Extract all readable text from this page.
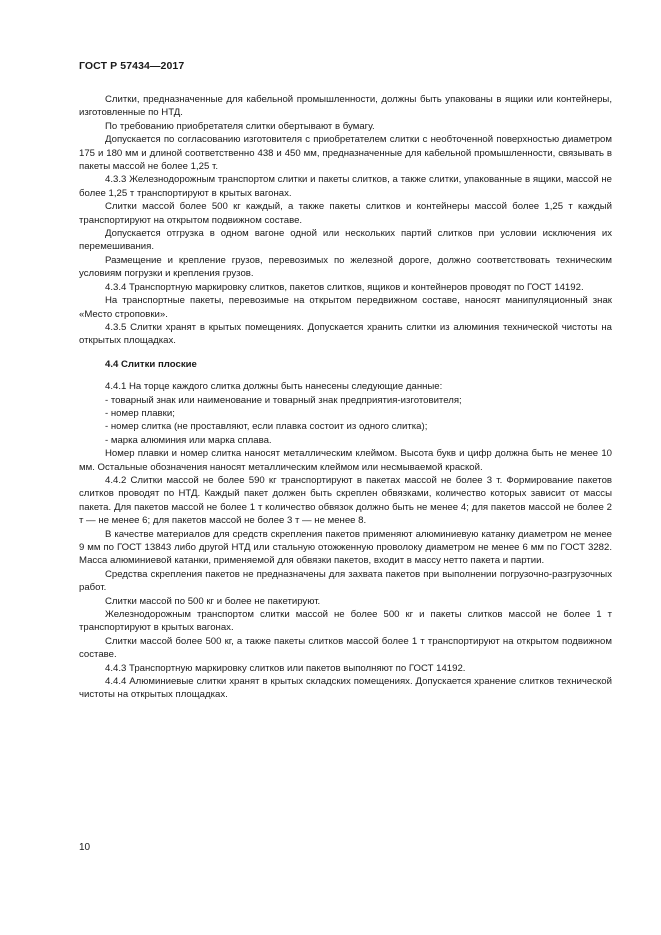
ГОСТ Р 57434—2017

Слитки, предназначенные для кабельной промышленности, должны быть упакованы в ящики или контейнеры, изготовленные по НТД.

По требованию приобретателя слитки обертывают в бумагу.

Допускается по согласованию изготовителя с приобретателем слитки с необточенной поверхностью диаметром 175 и 180 мм и длиной соответственно 438 и 450 мм, предназначенные для кабельной промышленности, связывать в пакеты массой не более 1,25 т.

4.3.3 Железнодорожным транспортом слитки и пакеты слитков, а также слитки, упакованные в ящики, массой не более 1,25 т транспортируют в крытых вагонах.

Слитки массой более 500 кг каждый, а также пакеты слитков и контейнеры массой более 1,25 т каждый транспортируют на открытом подвижном составе.

Допускается отгрузка в одном вагоне одной или нескольких партий слитков при условии исключения их перемешивания.

Размещение и крепление грузов, перевозимых по железной дороге, должно соответствовать техническим условиям погрузки и крепления грузов.

4.3.4 Транспортную маркировку слитков, пакетов слитков, ящиков и контейнеров проводят по ГОСТ 14192.

На транспортные пакеты, перевозимые на открытом передвижном составе, наносят манипуляционный знак «Место строповки».

4.3.5 Слитки хранят в крытых помещениях. Допускается хранить слитки из алюминия технической чистоты на открытых площадках.

4.4 Слитки плоские

4.4.1 На торце каждого слитка должны быть нанесены следующие данные:

- товарный знак или наименование и товарный знак предприятия-изготовителя;

- номер плавки;

- номер слитка (не проставляют, если плавка состоит из одного слитка);

- марка алюминия или марка сплава.

Номер плавки и номер слитка наносят металлическим клеймом. Высота букв и цифр должна быть не менее 10 мм. Остальные обозначения наносят металлическим клеймом или несмываемой краской.

4.4.2 Слитки массой не более 590 кг транспортируют в пакетах массой не более 3 т. Формирование пакетов слитков проводят по НТД. Каждый пакет должен быть скреплен обвязками, количество которых зависит от массы пакета. Для пакетов массой не более 1 т количество обвязок должно быть не менее 4; для пакетов массой не более 2 т — не менее 6; для пакетов массой не более 3 т — не менее 8.

В качестве материалов для средств скрепления пакетов применяют алюминиевую катанку диаметром не менее 9 мм по ГОСТ 13843 либо другой НТД или стальную отожженную проволоку диаметром не менее 6 мм по ГОСТ 3282. Масса алюминиевой катанки, применяемой для обвязки пакетов, входит в массу нетто пакета и партии.

Средства скрепления пакетов не предназначены для захвата пакетов при выполнении погрузочно-разгрузочных работ.

Слитки массой по 500 кг и более не пакетируют.

Железнодорожным транспортом слитки массой не более 500 кг и пакеты слитков массой не более 1 т транспортируют в крытых вагонах.

Слитки массой более 500 кг, а также пакеты слитков массой более 1 т транспортируют на открытом подвижном составе.

4.4.3 Транспортную маркировку слитков или пакетов выполняют по ГОСТ 14192.

4.4.4 Алюминиевые слитки хранят в крытых складских помещениях. Допускается хранение слитков технической чистоты на открытых площадках.

10
